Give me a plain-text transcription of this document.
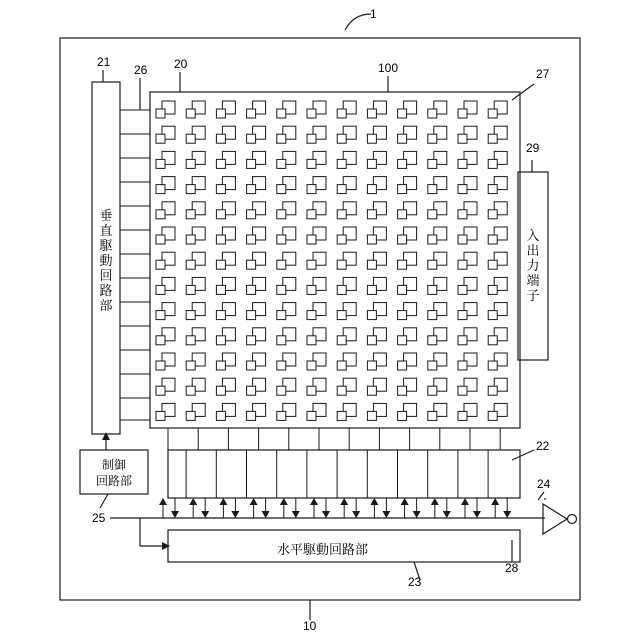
1
10
21
26 20	100	27
29
22
24
25
23
28
垂
直
駆
動
回
路
部
入
出
力
端
子
制御
回路部
水平駆動回路部
